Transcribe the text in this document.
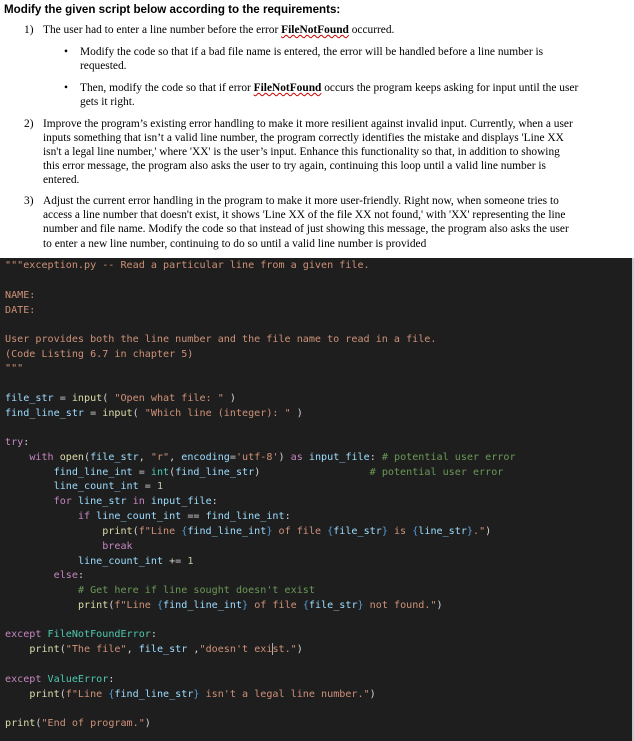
Modify the given script below according to the requirements:
1) The user had to enter a line number before the error FileNotFound occurred.
•	Modify the code so that if a bad file name is entered, the error will be handled before a line number is
requested.
•	Then, modify the code so that if error FileNotFound occurs the program keeps asking for input until the user
gets it right.
2) Improve the program’s existing error handling to make it more resilient against invalid input. Currently, when a user
inputs something that isn’t a valid line number, the program correctly identifies the mistake and displays 'Line XX
isn't a legal line number,' where 'XX' is the user’s input. Enhance this functionality so that, in addition to showing
this error message, the program also asks the user to try again, continuing this loop until a valid line number is
entered.
3) Adjust the current error handling in the program to make it more user-friendly. Right now, when someone tries to
access a line number that doesn't exist, it shows 'Line XX of the file XX not found,' with 'XX' representing the line
number and file name. Modify the code so that instead of just showing this message, the program also asks the user
to enter a new line number, continuing to do so until a valid line number is provided
"""exception.py -- Read a particular line from a given file.
NAME:
DATE:
User provides both the line number and the file name to read in a file.
(Code Listing 6.7 in chapter 5)
"""
file_str = input( "Open what file: " )
find_line_str = input( "Which line (integer): " )
try:
with open(file_str, "r", encoding='utf-8') as input_file: # potential user error
find_line_int = int(find_line_str)                  # potential user error
line_count_int = 1
for line_str in input_file:
if line_count_int == find_line_int:
print(f"Line {find_line_int} of file {file_str} is {line_str}.")
break
line_count_int += 1
else:
# Get here if line sought doesn't exist
print(f"Line {find_line_int} of file {file_str} not found.")
except FileNotFoundError:
print("The file", file_str ,"doesn't exist.")
except ValueError:
print(f"Line {find_line_str} isn't a legal line number.")
print("End of program.")
